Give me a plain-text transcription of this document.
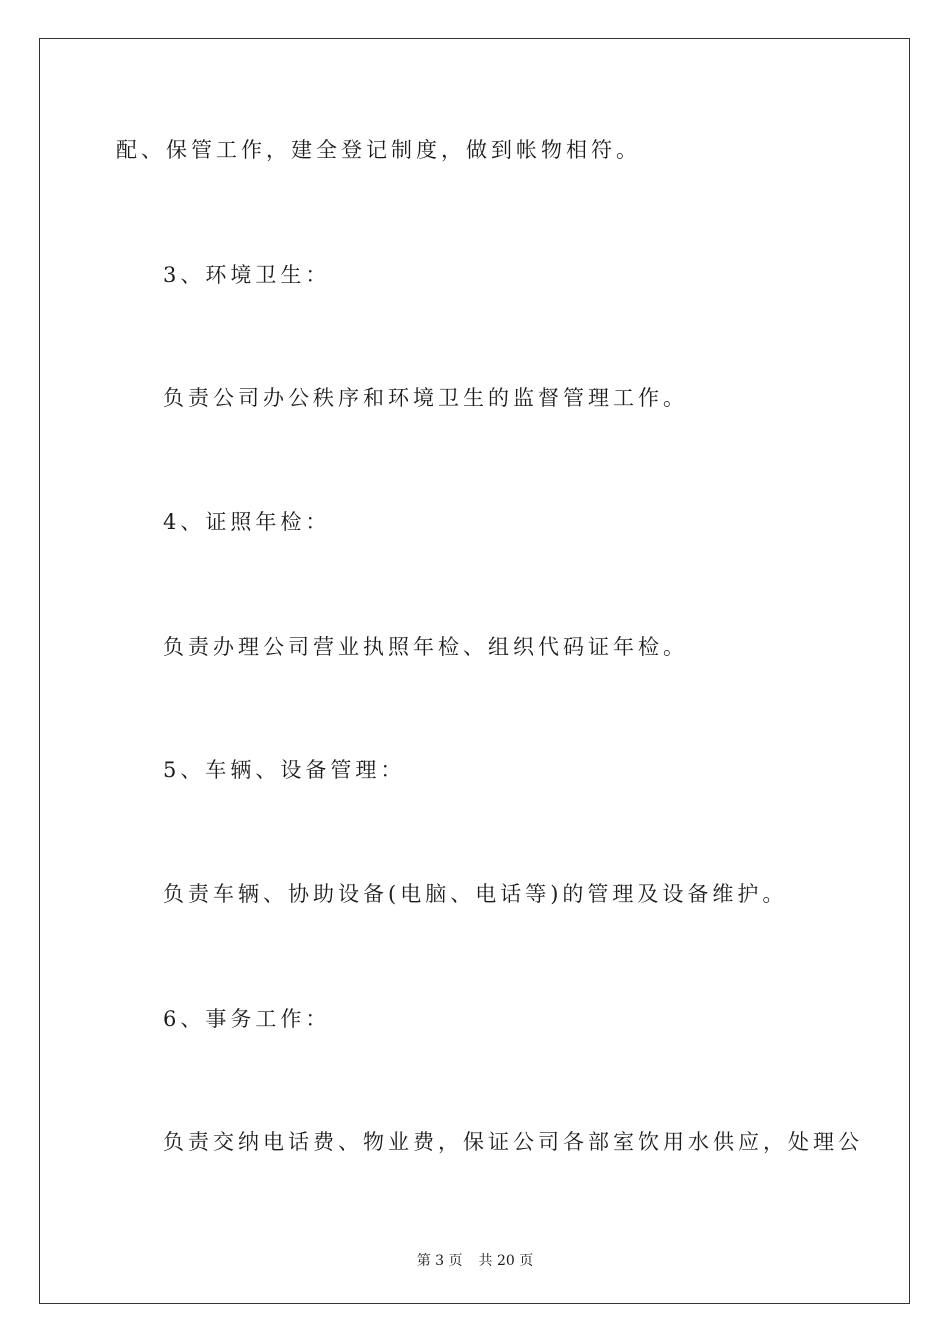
配、保管工作，建全登记制度，做到帐物相符。
3、环境卫生：
负责公司办公秩序和环境卫生的监督管理工作。
4、证照年检：
负责办理公司营业执照年检、组织代码证年检。
5、车辆、设备管理：
负责车辆、协助设备(电脑、电话等)的管理及设备维护。
6、事务工作：
负责交纳电话费、物业费，保证公司各部室饮用水供应，处理公
第 3 页 共 20 页
